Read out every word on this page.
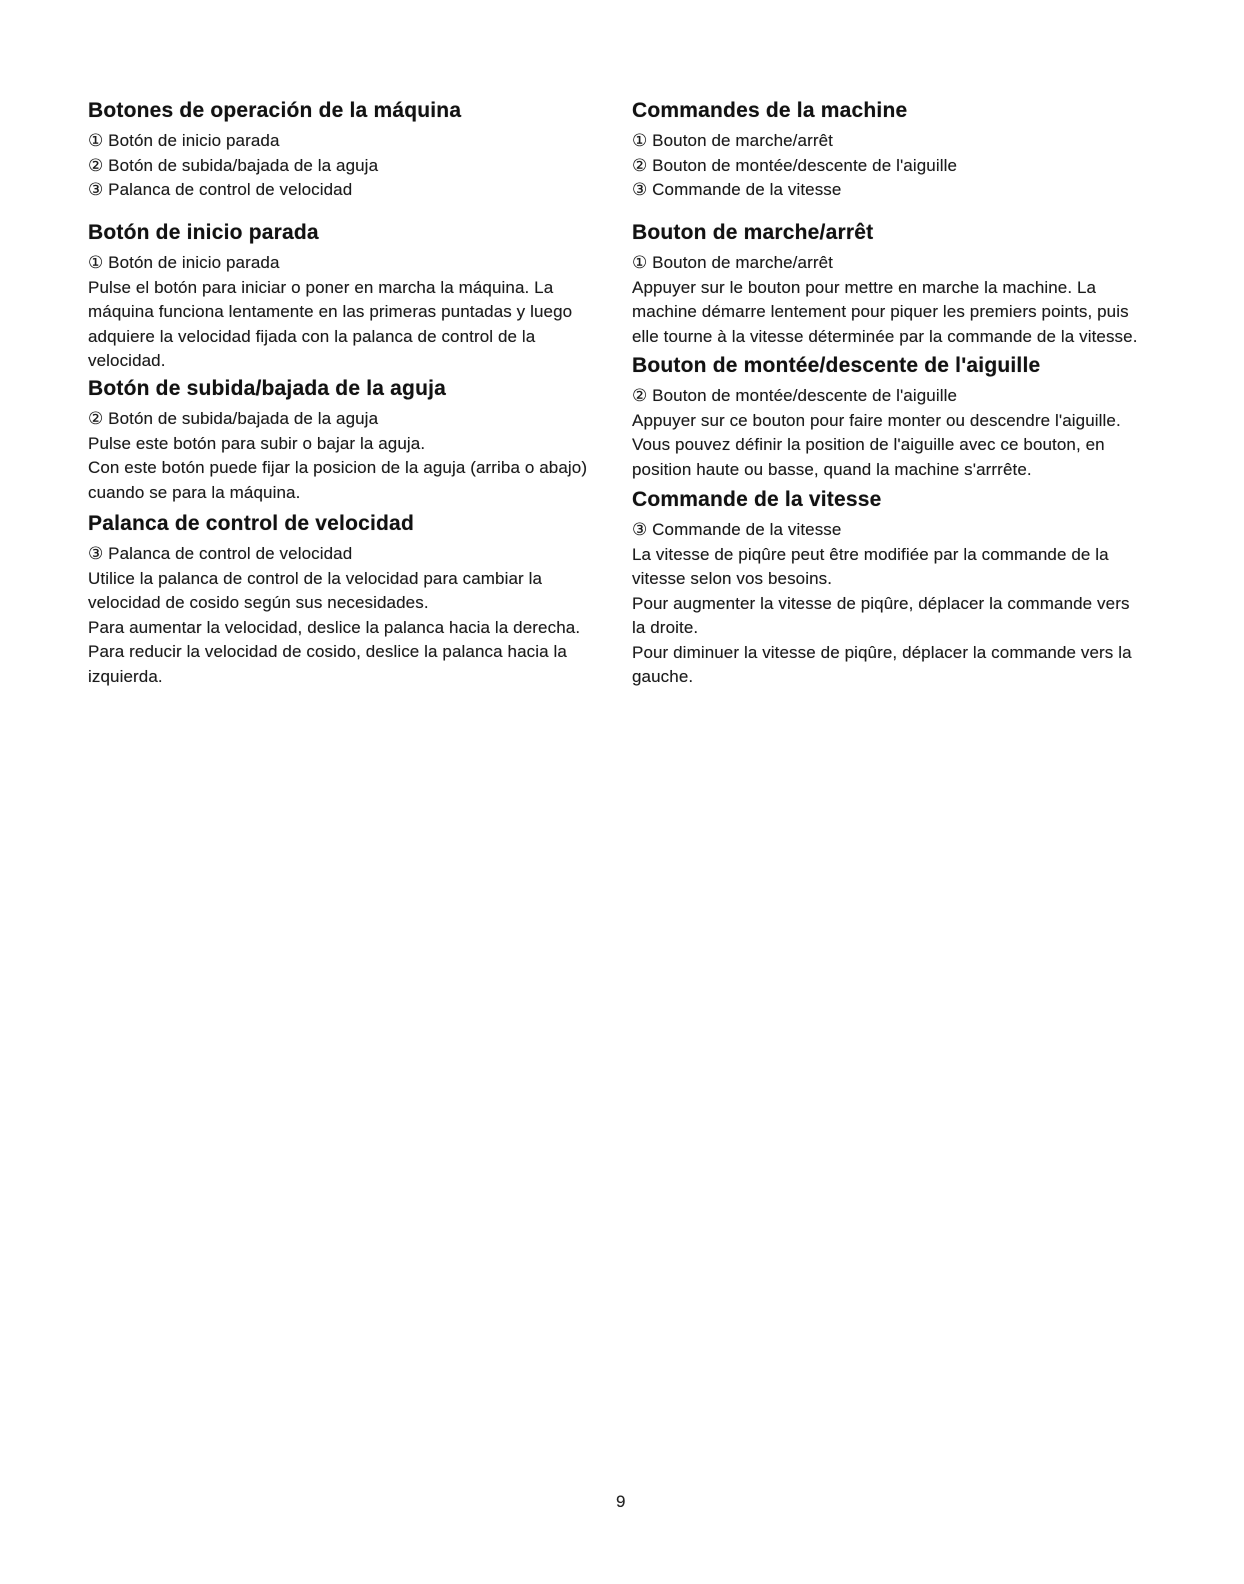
Botones de operación de la máquina
① Botón de inicio parada
② Botón de subida/bajada de la aguja
③ Palanca de control de velocidad
Botón de inicio parada
① Botón de inicio parada
Pulse el botón para iniciar o poner en marcha la máquina. La
máquina funciona lentamente en las primeras puntadas y luego
adquiere la velocidad fijada con la palanca de control de la
velocidad.
Botón de subida/bajada de la aguja
② Botón de subida/bajada de la aguja
Pulse este botón para subir o bajar la aguja.
Con este botón puede fijar la posicion de la aguja (arriba o abajo)
cuando se para la máquina.
Palanca de control de velocidad
③ Palanca de control de velocidad
Utilice la palanca de control de la velocidad para cambiar la
velocidad de cosido según sus necesidades.
Para aumentar la velocidad, deslice la palanca hacia la derecha.
Para reducir la velocidad de cosido, deslice la palanca hacia la
izquierda.
Commandes de la machine
① Bouton de marche/arrêt
② Bouton de montée/descente de l'aiguille
③ Commande de la vitesse
Bouton de marche/arrêt
① Bouton de marche/arrêt
Appuyer sur le bouton pour mettre en marche la machine. La
machine démarre lentement pour piquer les premiers points, puis
elle tourne à la vitesse déterminée par la commande de la vitesse.
Bouton de montée/descente de l'aiguille
② Bouton de montée/descente de l'aiguille
Appuyer sur ce bouton pour faire monter ou descendre l'aiguille.
Vous pouvez définir la position de l'aiguille avec ce bouton, en
position haute ou basse, quand la machine s'arrrête.
Commande de la vitesse
③ Commande de la vitesse
La vitesse de piqûre peut être modifiée par la commande de la
vitesse selon vos besoins.
Pour augmenter la vitesse de piqûre, déplacer la commande vers
la droite.
Pour diminuer la vitesse de piqûre, déplacer la commande vers la
gauche.
9
